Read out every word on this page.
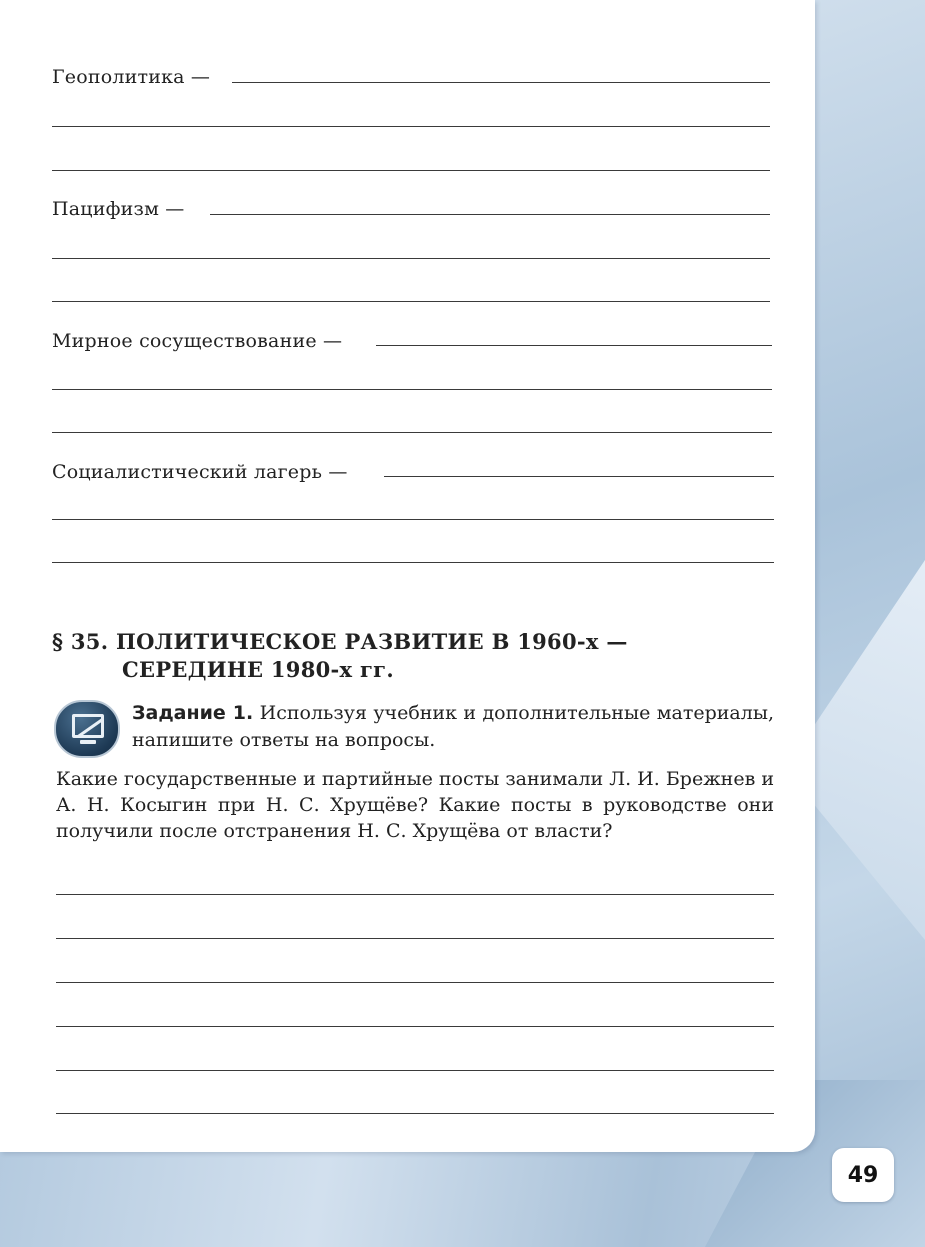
Геополитика —
Пацифизм —
Мирное сосуществование —
Социалистический лагерь —
§ 35. ПОЛИТИЧЕСКОЕ РАЗВИТИЕ В 1960-х —
СЕРЕДИНЕ 1980-х гг.
Задание 1. Используя учебник и дополнительные материалы, напишите ответы на вопросы.
Какие государственные и партийные посты занимали Л. И. Брежнев и А. Н. Косыгин при Н. С. Хрущёве? Какие посты в руководстве они получили после отстранения Н. С. Хрущёва от власти?
49
